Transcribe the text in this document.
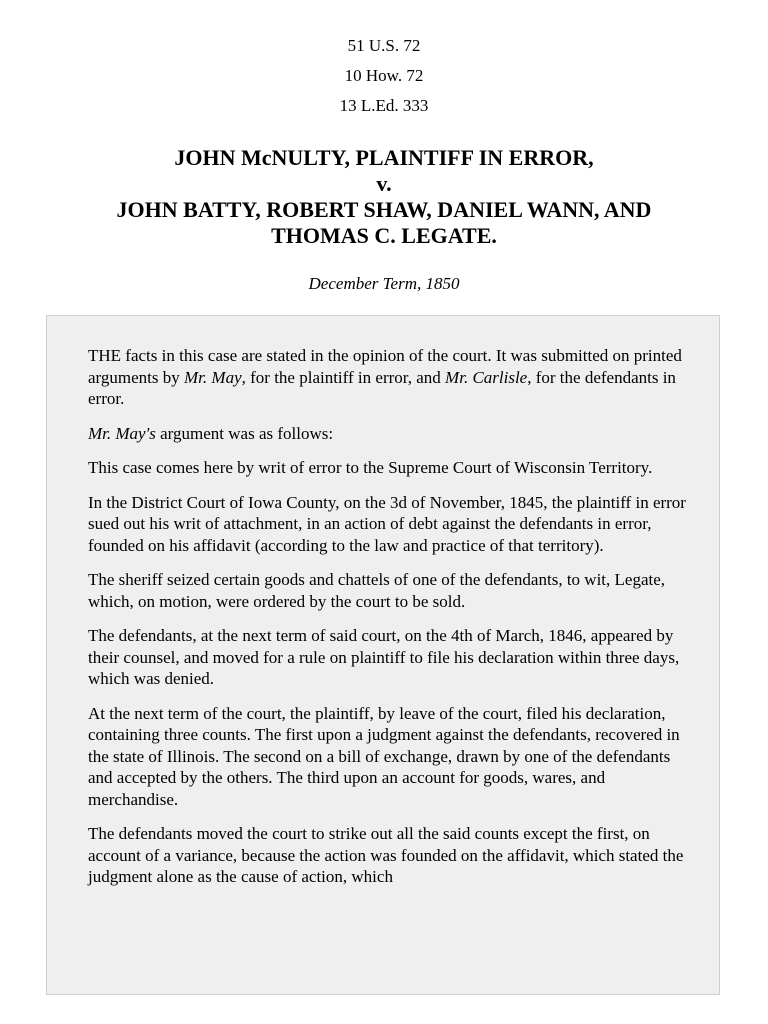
51 U.S. 72
10 How. 72
13 L.Ed. 333
JOHN McNULTY, PLAINTIFF IN ERROR,
v.
JOHN BATTY, ROBERT SHAW, DANIEL WANN, AND
THOMAS C. LEGATE.
December Term, 1850

THE facts in this case are stated in the opinion of the court. It was submitted on printed arguments by Mr. May, for the plaintiff in error, and Mr. Carlisle, for the defendants in error.

Mr. May's argument was as follows:

This case comes here by writ of error to the Supreme Court of Wisconsin Territory.

In the District Court of Iowa County, on the 3d of November, 1845, the plaintiff in error sued out his writ of attachment, in an action of debt against the defendants in error, founded on his affidavit (according to the law and practice of that territory).

The sheriff seized certain goods and chattels of one of the defendants, to wit, Legate, which, on motion, were ordered by the court to be sold.

The defendants, at the next term of said court, on the 4th of March, 1846, appeared by their counsel, and moved for a rule on plaintiff to file his declaration within three days, which was denied.

At the next term of the court, the plaintiff, by leave of the court, filed his declaration, containing three counts. The first upon a judgment against the defendants, recovered in the state of Illinois. The second on a bill of exchange, drawn by one of the defendants and accepted by the others. The third upon an account for goods, wares, and merchandise.

The defendants moved the court to strike out all the said counts except the first, on account of a variance, because the action was founded on the affidavit, which stated the judgment alone as the cause of action, which
